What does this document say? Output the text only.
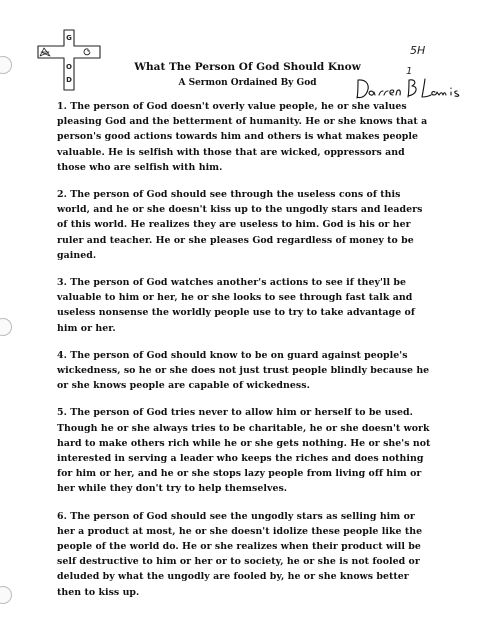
G
O
D
5H
1
What The Person Of God Should Know
A Sermon Ordained By God

1. The person of God doesn't overly value people, he or she values pleasing God and the betterment of humanity. He or she knows that a person's good actions towards him and others is what makes people valuable. He is selfish with those that are wicked, oppressors and those who are selfish with him.

2. The person of God should see through the useless cons of this world, and he or she doesn't kiss up to the ungodly stars and leaders of this world. He realizes they are useless to him. God is his or her ruler and teacher. He or she pleases God regardless of money to be gained.

3. The person of God watches another's actions to see if they'll be valuable to him or her, he or she looks to see through fast talk and useless nonsense the worldly people use to try to take advantage of him or her.

4. The person of God should know to be on guard against people's wickedness, so he or she does not just trust people blindly because he or she knows people are capable of wickedness.

5. The person of God tries never to allow him or herself to be used. Though he or she always tries to be charitable, he or she doesn't work hard to make others rich while he or she gets nothing. He or she's not interested in serving a leader who keeps the riches and does nothing for him or her, and he or she stops lazy people from living off him or her while they don't try to help themselves.

6. The person of God should see the ungodly stars as selling him or her a product at most, he or she doesn't idolize these people like the people of the world do. He or she realizes when their product will be self destructive to him or her or to society, he or she is not fooled or deluded by what the ungodly are fooled by, he or she knows better then to kiss up.
